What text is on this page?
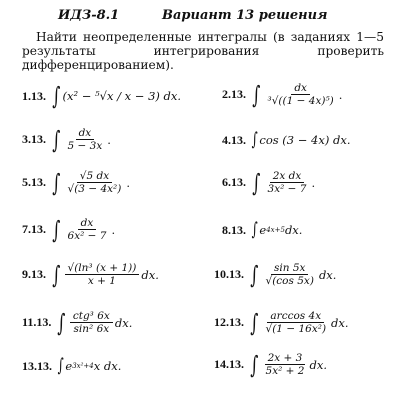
ИДЗ-8.1	Вариант 13 решения
Найти неопределенные интегралы (в заданиях 1—5 результаты интегрирования проверить дифференцированием).
1.13. ∫ (x² − ⁵√x / x − 3) dx.	2.13. ∫ $\frac{dx}{\text{³√((1 − 4x)⁵)}}$ .
3.13. ∫ $\frac{dx}{5 - 3x}$ .	4.13. ∫ cos (3 − 4x) dx.
5.13. ∫ $\frac{√5 dx}{\text{√(3 − 4x²)}}$ .	6.13. ∫ $\frac{\text{2x dx}}{\text{3x² − 7}}$ .
7.13. ∫ $\frac{dx}{\text{6x² − 7}}$ .	8.13. ∫ e 4x+5 dx.
9.13. ∫ $\frac{\text{√(ln³ (x + 1))}}{x + 1}$ dx.	10.13. ∫ $\frac{\sin 5x}{√(\cos 5x)}$ dx.
11.13. ∫ $\frac{\text{ctg³ 6x}}{\text{sin² 6x}}$ dx.	12.13. ∫ $\frac{\arccos 4x}{\text{√(1 − 16x²)}}$ dx.
13.13. ∫ e 3x²+4 x dx.	14.13. ∫ $\frac{2x + 3}{\text{5x² + 2}}$ dx.
